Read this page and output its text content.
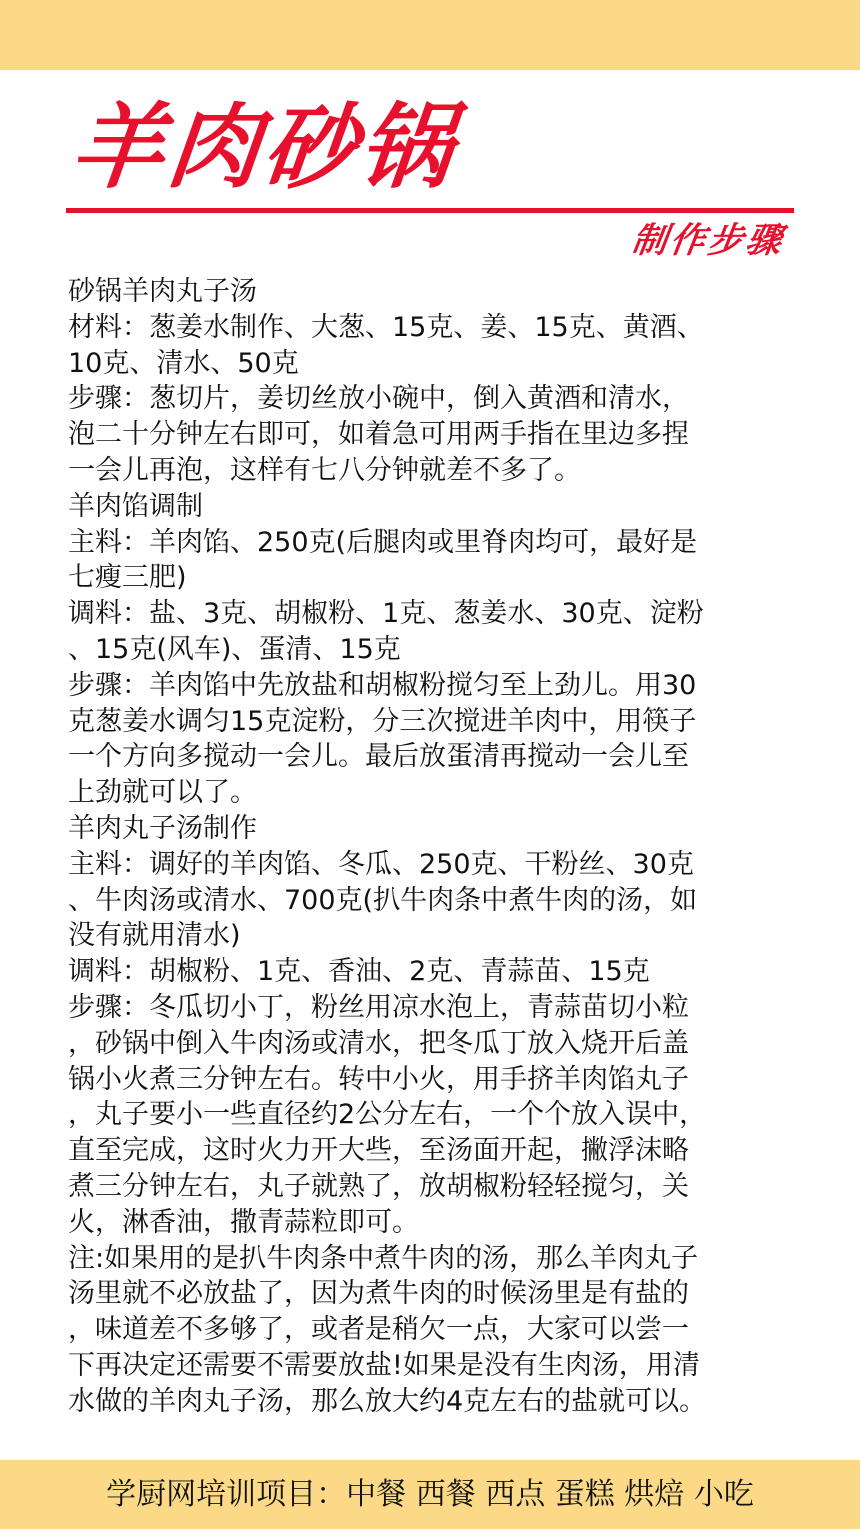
羊肉砂锅
制作步骤

砂锅羊肉丸子汤

材料：葱姜水制作、大葱、15克、姜、15克、黄酒、

10克、清水、50克

步骤：葱切片，姜切丝放小碗中，倒入黄酒和清水，

泡二十分钟左右即可，如着急可用两手指在里边多捏

一会儿再泡，这样有七八分钟就差不多了。

羊肉馅调制

主料：羊肉馅、250克(后腿肉或里脊肉均可，最好是

七瘦三肥)

调料：盐、3克、胡椒粉、1克、葱姜水、30克、淀粉

、15克(风车)、蛋清、15克

步骤：羊肉馅中先放盐和胡椒粉搅匀至上劲儿。用30

克葱姜水调匀15克淀粉，分三次搅进羊肉中，用筷子

一个方向多搅动一会儿。最后放蛋清再搅动一会儿至

上劲就可以了。

羊肉丸子汤制作

主料：调好的羊肉馅、冬瓜、250克、干粉丝、30克

、牛肉汤或清水、700克(扒牛肉条中煮牛肉的汤，如

没有就用清水)

调料：胡椒粉、1克、香油、2克、青蒜苗、15克

步骤：冬瓜切小丁，粉丝用凉水泡上，青蒜苗切小粒

，砂锅中倒入牛肉汤或清水，把冬瓜丁放入烧开后盖

锅小火煮三分钟左右。转中小火，用手挤羊肉馅丸子

，丸子要小一些直径约2公分左右，一个个放入误中，

直至完成，这时火力开大些，至汤面开起，撇浮沫略

煮三分钟左右，丸子就熟了，放胡椒粉轻轻搅匀，关

火，淋香油，撒青蒜粒即可。

注:如果用的是扒牛肉条中煮牛肉的汤，那么羊肉丸子

汤里就不必放盐了，因为煮牛肉的时候汤里是有盐的

，味道差不多够了，或者是稍欠一点，大家可以尝一

下再决定还需要不需要放盐!如果是没有生肉汤，用清

水做的羊肉丸子汤，那么放大约4克左右的盐就可以。

学厨网培训项目：中餐 西餐 西点 蛋糕 烘焙 小吃
